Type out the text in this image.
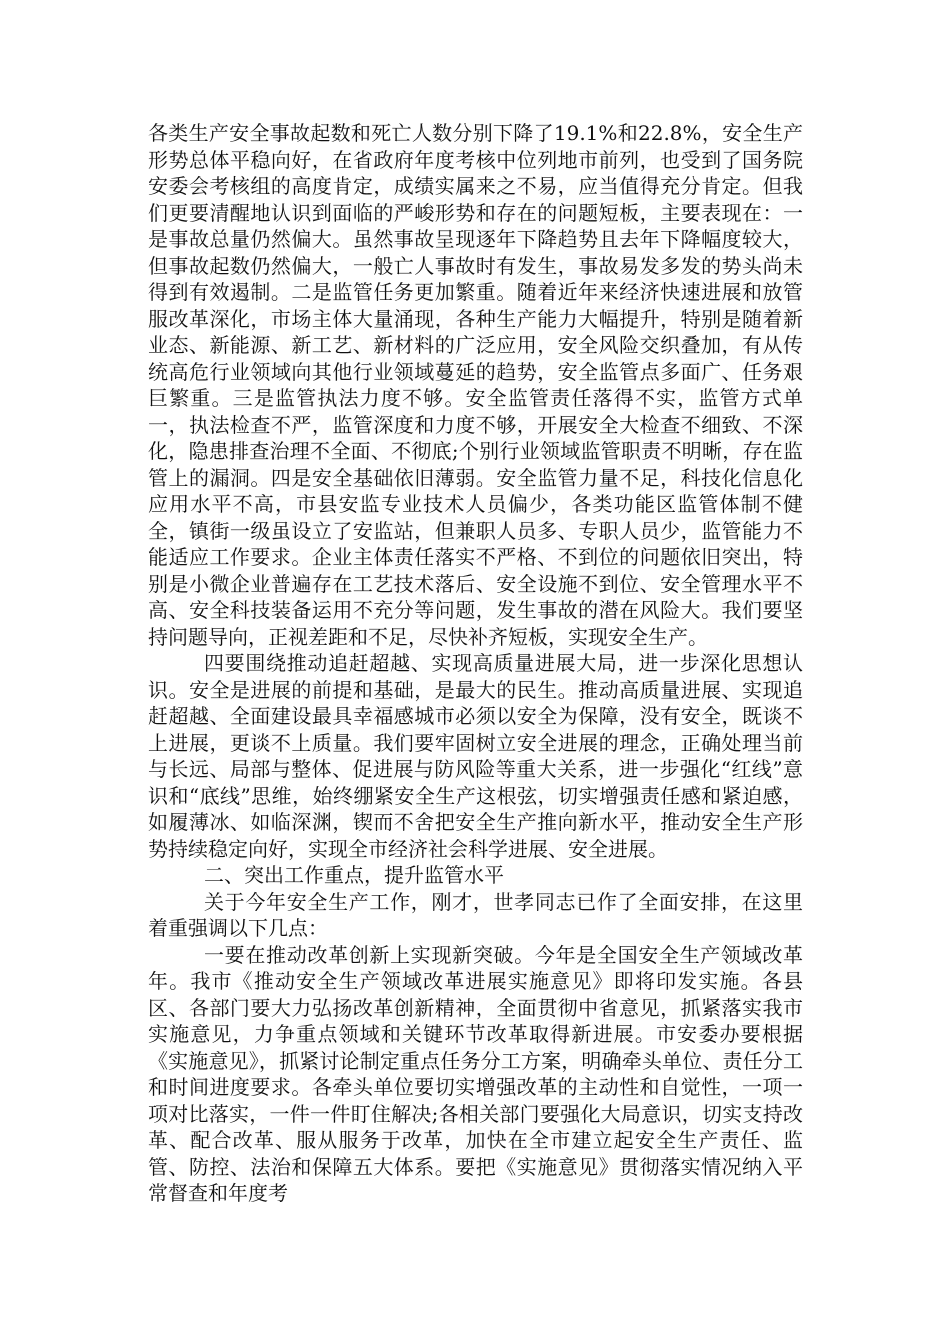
各类生产安全事故起数和死亡人数分别下降了19.1%和22.8%，安全生产形势总体平稳向好，在省政府年度考核中位列地市前列，也受到了国务院安委会考核组的高度肯定，成绩实属来之不易，应当值得充分肯定。但我们更要清醒地认识到面临的严峻形势和存在的问题短板，主要表现在：一是事故总量仍然偏大。虽然事故呈现逐年下降趋势且去年下降幅度较大，但事故起数仍然偏大，一般亡人事故时有发生，事故易发多发的势头尚未得到有效遏制。二是监管任务更加繁重。随着近年来经济快速进展和放管服改革深化，市场主体大量涌现，各种生产能力大幅提升，特别是随着新业态、新能源、新工艺、新材料的广泛应用，安全风险交织叠加，有从传统高危行业领域向其他行业领域蔓延的趋势，安全监管点多面广、任务艰巨繁重。三是监管执法力度不够。安全监管责任落得不实，监管方式单一，执法检查不严，监管深度和力度不够，开展安全大检查不细致、不深化，隐患排查治理不全面、不彻底;个别行业领域监管职责不明晰，存在监管上的漏洞。四是安全基础依旧薄弱。安全监管力量不足，科技化信息化应用水平不高，市县安监专业技术人员偏少，各类功能区监管体制不健全，镇街一级虽设立了安监站，但兼职人员多、专职人员少，监管能力不能适应工作要求。企业主体责任落实不严格、不到位的问题依旧突出，特别是小微企业普遍存在工艺技术落后、安全设施不到位、安全管理水平不高、安全科技装备运用不充分等问题，发生事故的潜在风险大。我们要坚持问题导向，正视差距和不足，尽快补齐短板，实现安全生产。

四要围绕推动追赶超越、实现高质量进展大局，进一步深化思想认识。安全是进展的前提和基础，是最大的民生。推动高质量进展、实现追赶超越、全面建设最具幸福感城市必须以安全为保障，没有安全，既谈不上进展，更谈不上质量。我们要牢固树立安全进展的理念，正确处理当前与长远、局部与整体、促进展与防风险等重大关系，进一步强化“红线”意识和“底线”思维，始终绷紧安全生产这根弦，切实增强责任感和紧迫感，如履薄冰、如临深渊，锲而不舍把安全生产推向新水平，推动安全生产形势持续稳定向好，实现全市经济社会科学进展、安全进展。

二、突出工作重点，提升监管水平

关于今年安全生产工作，刚才，世孝同志已作了全面安排，在这里着重强调以下几点：

一要在推动改革创新上实现新突破。今年是全国安全生产领域改革年。我市《推动安全生产领域改革进展实施意见》即将印发实施。各县区、各部门要大力弘扬改革创新精神，全面贯彻中省意见，抓紧落实我市实施意见，力争重点领域和关键环节改革取得新进展。市安委办要根据《实施意见》，抓紧讨论制定重点任务分工方案，明确牵头单位、责任分工和时间进度要求。各牵头单位要切实增强改革的主动性和自觉性，一项一项对比落实，一件一件盯住解决;各相关部门要强化大局意识，切实支持改革、配合改革、服从服务于改革，加快在全市建立起安全生产责任、监管、防控、法治和保障五大体系。要把《实施意见》贯彻落实情况纳入平常督查和年度考
